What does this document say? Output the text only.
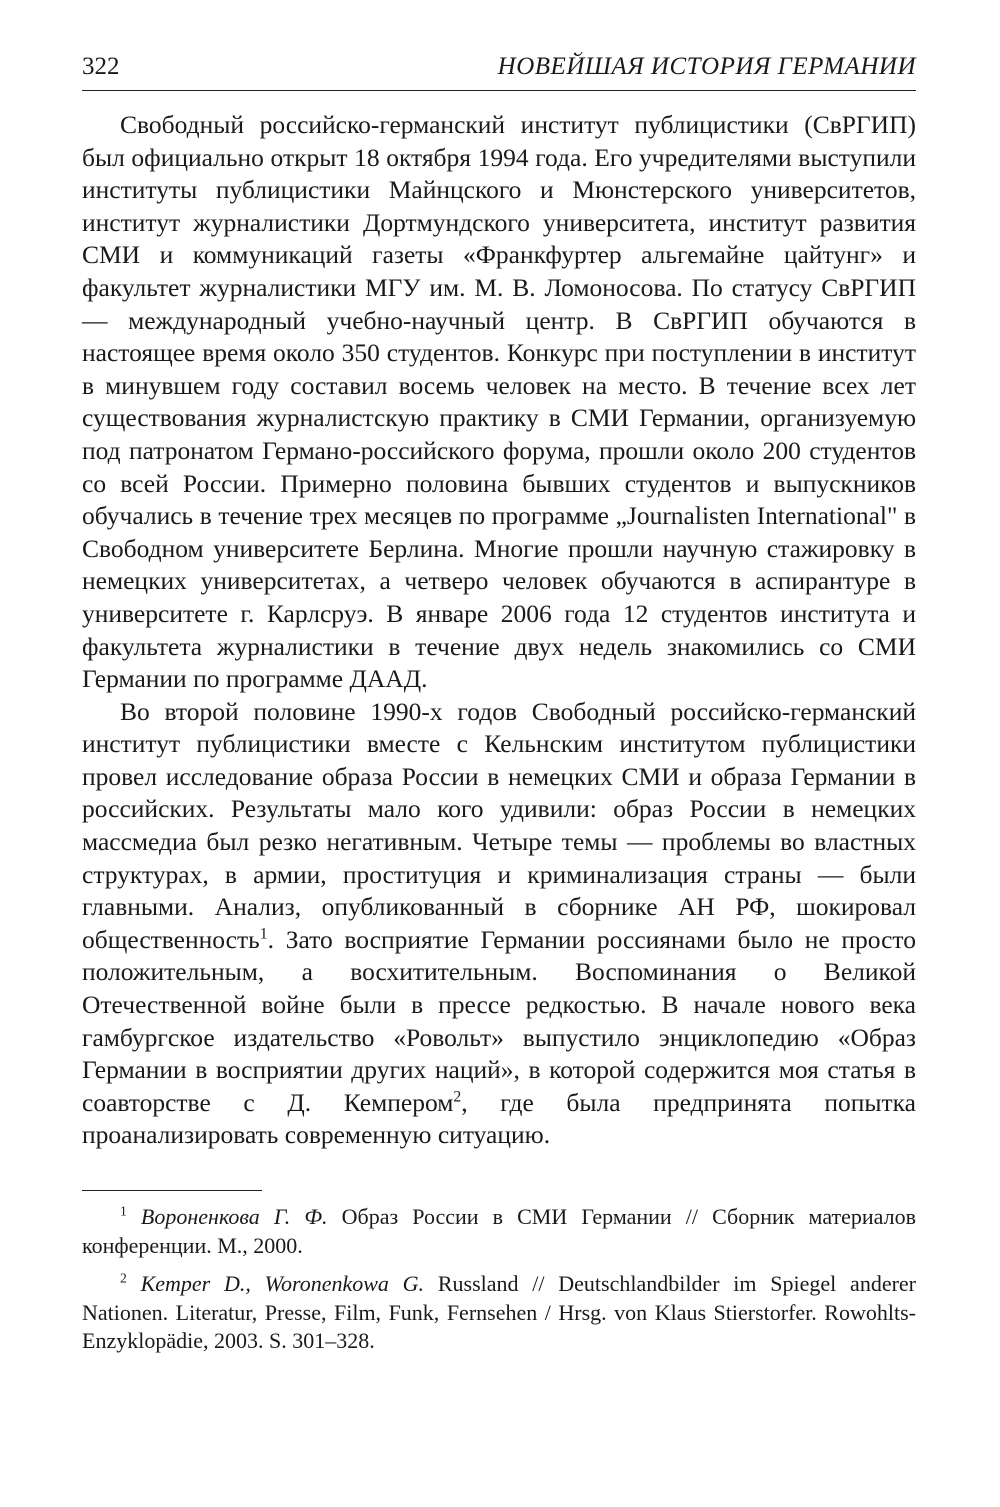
322	НОВЕЙШАЯ ИСТОРИЯ ГЕРМАНИИ

Свободный российско-германский институт публицистики (СвРГИП) был официально открыт 18 октября 1994 года. Его учредителями выступили институты публицистики Майнцского и Мюнстерского университетов, институт журналистики Дортмундского университета, институт развития СМИ и коммуникаций газеты «Франкфуртер альгемайне цайтунг» и факультет журналистики МГУ им. М. В. Ломоносова. По статусу СвРГИП — международный учебно-научный центр. В СвРГИП обучаются в настоящее время около 350 студентов. Конкурс при поступлении в институт в минувшем году составил восемь человек на место. В течение всех лет существования журналистскую практику в СМИ Германии, организуемую под патронатом Германо-российского форума, прошли около 200 студентов со всей России. Примерно половина бывших студентов и выпускников обучались в течение трех месяцев по программе „Journalisten International" в Свободном университете Берлина. Многие прошли научную стажировку в немецких университетах, а четверо человек обучаются в аспирантуре в университете г. Карлсруэ. В январе 2006 года 12 студентов института и факультета журналистики в течение двух недель знакомились со СМИ Германии по программе ДААД.

Во второй половине 1990-х годов Свободный российско-германский институт публицистики вместе с Кельнским институтом публицистики провел исследование образа России в немецких СМИ и образа Германии в российских. Результаты мало кого удивили: образ России в немецких массмедиа был резко негативным. Четыре темы — проблемы во властных структурах, в армии, проституция и криминализация страны — были главными. Анализ, опубликованный в сборнике АН РФ, шокировал общественность$^1$. Зато восприятие Германии россиянами было не просто положительным, а восхитительным. Воспоминания о Великой Отечественной войне были в прессе редкостью. В начале нового века гамбургское издательство «Ровольт» выпустило энциклопедию «Образ Германии в восприятии других наций», в которой содержится моя статья в соавторстве с Д. Кемпером$^2$, где была предпринята попытка проанализировать современную ситуацию.

$^1$ Вороненкова Г. Ф. Образ России в СМИ Германии // Сборник материалов конференции. М., 2000.

$^2$ Kemper D., Woronenkowa G. Russland // Deutschlandbilder im Spiegel anderer Nationen. Literatur, Presse, Film, Funk, Fernsehen / Hrsg. von Klaus Stierstorfer. Rowohlts-Enzyklopädie, 2003. S. 301–328.
